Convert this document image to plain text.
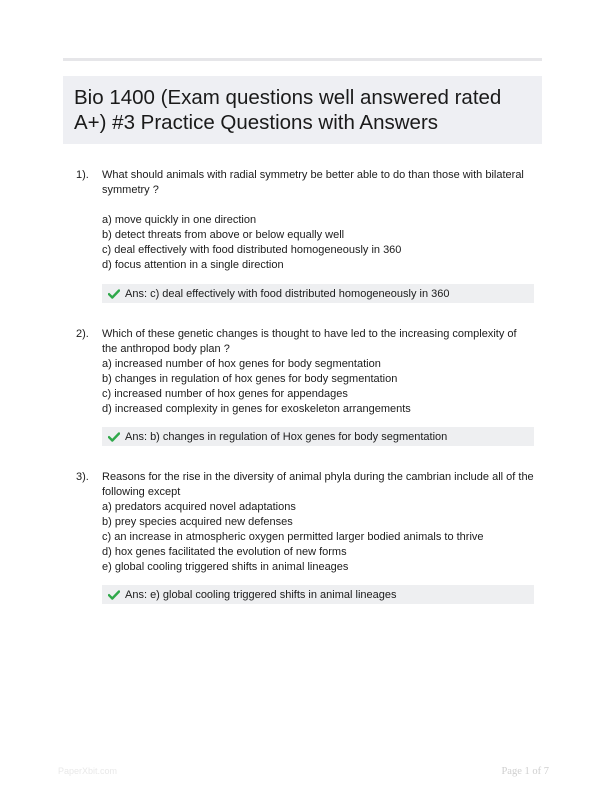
Bio 1400 (Exam questions well answered rated A+) #3 Practice Questions with Answers
1). What should animals with radial symmetry be better able to do than those with bilateral symmetry ?

a) move quickly in one direction
b) detect threats from above or below equally well
c) deal effectively with food distributed homogeneously in 360
d) focus attention in a single direction
Ans: c) deal effectively with food distributed homogeneously in 360
2). Which of these genetic changes is thought to have led to the increasing complexity of the anthropod body plan ?

a) increased number of hox genes for body segmentation
b) changes in regulation of hox genes for body segmentation
c) increased number of hox genes for appendages
d) increased complexity in genes for exoskeleton arrangements
Ans: b) changes in regulation of Hox genes for body segmentation
3). Reasons for the rise in the diversity of animal phyla during the cambrian include all of the following except

a) predators acquired novel adaptations
b) prey species acquired new defenses
c) an increase in atmospheric oxygen permitted larger bodied animals to thrive
d) hox genes facilitated the evolution of new forms
e) global cooling triggered shifts in animal lineages
Ans: e) global cooling triggered shifts in animal lineages
PaperXbit.com	Page 1 of 7
